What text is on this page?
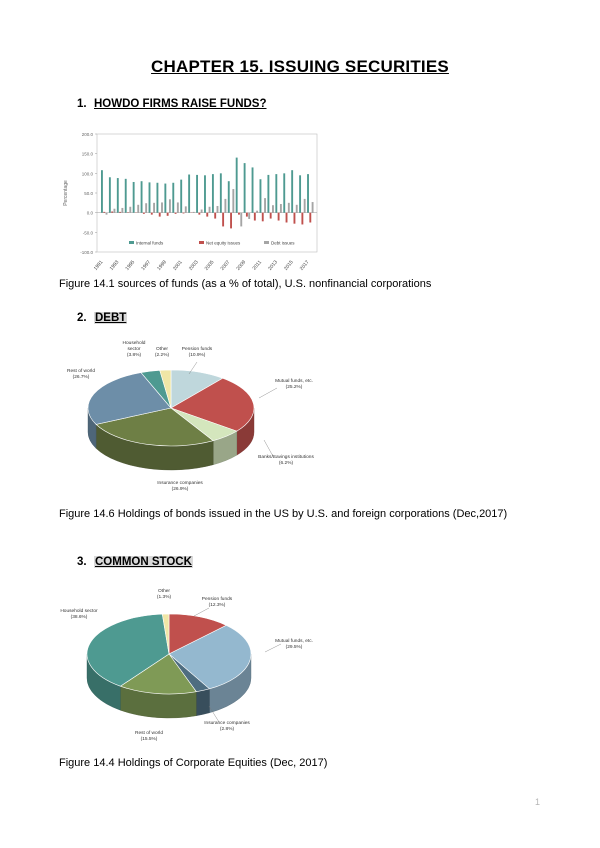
CHAPTER 15. ISSUING SECURITIES
1. HOWDO FIRMS RAISE FUNDS?
200.0
150.0
100.0
50.0
0.0
-50.0
-100.0
Percentage
1991 1993 1995 1997 1999 2001 2003 2005 2007 2009 2011 2013 2015 2017
Internal funds	Net equity issues	Debt issues
Figure 14.1 sources of funds (as a % of total), U.S. nonfinancial corporations
2. DEBT
Pension funds
(10.9%)
Mutual funds, etc.
(25.2%)
Banks/Savings institutions
(6.2%)
Insurance companies
(26.9%)
Rest of world
(26.7%)
Household
sector
(3.8%)
Other
(2.2%)
Figure 14.6 Holdings of bonds issued in the US by U.S. and foreign corporations (Dec,2017)
3. COMMON STOCK
Pension funds
(12.3%)
Mutual funds, etc.
(29.5%)
Insurance companies
(2.8%)
Rest of world
(15.5%)
Household sector
(38.6%)
Other
(1.3%)
Figure 14.4 Holdings of Corporate Equities (Dec, 2017)
1
